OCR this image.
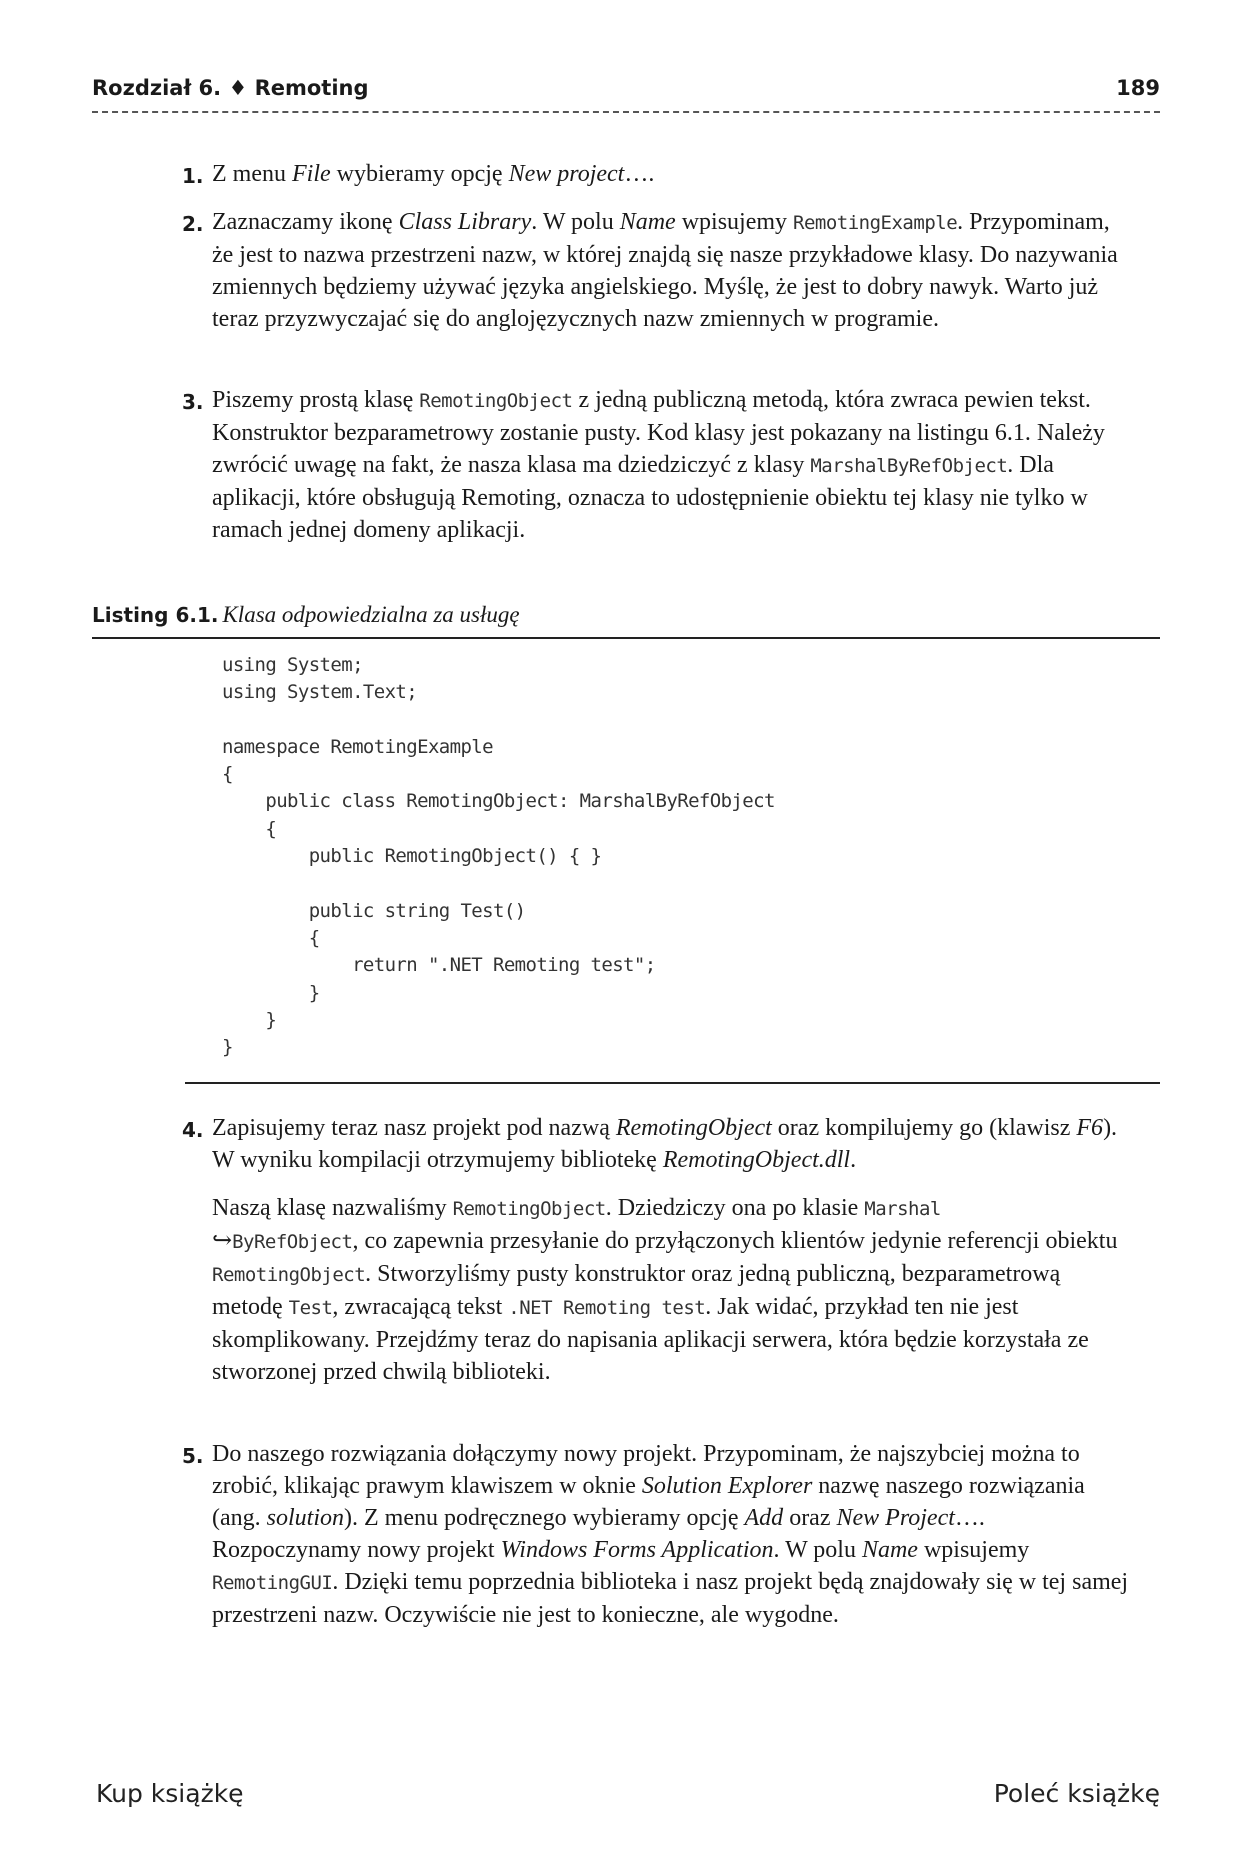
Rozdział 6. ♦ Remoting	189
1. Z menu File wybieramy opcję New project….

2. Zaznaczamy ikonę Class Library. W polu Name wpisujemy RemotingExample. Przypominam, że jest to nazwa przestrzeni nazw, w której znajdą się nasze przykładowe klasy. Do nazywania zmiennych będziemy używać języka angielskiego. Myślę, że jest to dobry nawyk. Warto już teraz przyzwyczajać się do anglojęzycznych nazw zmiennych w programie.

3. Piszemy prostą klasę RemotingObject z jedną publiczną metodą, która zwraca pewien tekst. Konstruktor bezparametrowy zostanie pusty. Kod klasy jest pokazany na listingu 6.1. Należy zwrócić uwagę na fakt, że nasza klasa ma dziedziczyć z klasy MarshalByRefObject. Dla aplikacji, które obsługują Remoting, oznacza to udostępnienie obiektu tej klasy nie tylko w ramach jednej domeny aplikacji.

Listing 6.1. Klasa odpowiedzialna za usługę
using System;
using System.Text;

namespace RemotingExample
{
public class RemotingObject: MarshalByRefObject
{
public RemotingObject() { }

public string Test()
{
return ".NET Remoting test";
}
}
}
4. Zapisujemy teraz nasz projekt pod nazwą RemotingObject oraz kompilujemy go (klawisz F6). W wyniku kompilacji otrzymujemy bibliotekę RemotingObject.dll.

Naszą klasę nazwaliśmy RemotingObject. Dziedziczy ona po klasie Marshal
↪ByRefObject, co zapewnia przesyłanie do przyłączonych klientów jedynie referencji obiektu RemotingObject. Stworzyliśmy pusty konstruktor oraz jedną publiczną, bezparametrową metodę Test, zwracającą tekst .NET Remoting test. Jak widać, przykład ten nie jest skomplikowany. Przejdźmy teraz do napisania aplikacji serwera, która będzie korzystała ze stworzonej przed chwilą biblioteki.

5. Do naszego rozwiązania dołączymy nowy projekt. Przypominam, że najszybciej można to zrobić, klikając prawym klawiszem w oknie Solution Explorer nazwę naszego rozwiązania (ang. solution). Z menu podręcznego wybieramy opcję Add oraz New Project…. Rozpoczynamy nowy projekt Windows Forms Application. W polu Name wpisujemy RemotingGUI. Dzięki temu poprzednia biblioteka i nasz projekt będą znajdowały się w tej samej przestrzeni nazw. Oczywiście nie jest to konieczne, ale wygodne.

Kup książkę	Poleć książkę
